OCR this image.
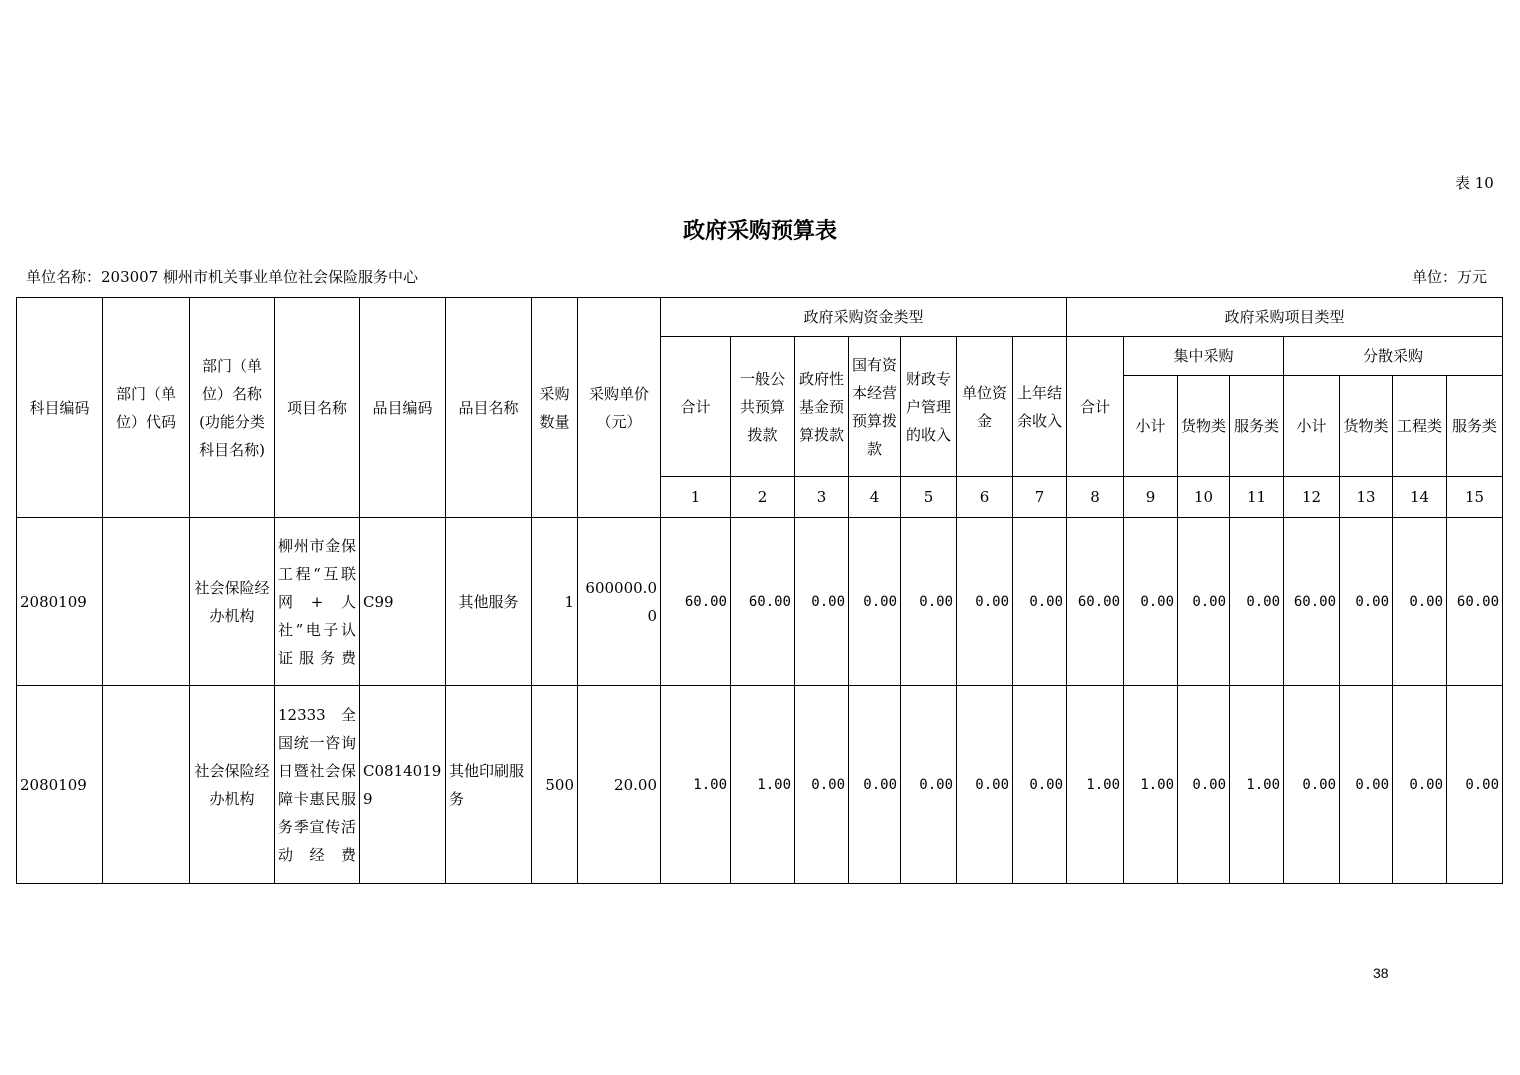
表 10
政府采购预算表
单位名称：203007 柳州市机关事业单位社会保险服务中心	单位：万元
科目编码	部门（单位）代码	部门（单位）名称(功能分类科目名称)	项目名称	品目编码	品目名称	采购数量	采购单价（元）	政府采购资金类型							政府采购项目类型							
								合计	一般公共预算拨款	政府性基金预算拨款	国有资本经营预算拨款	财政专户管理的收入	单位资金	上年结余收入	合计	集中采购			分散采购			
																小计	货物类	服务类	小计	货物类	工程类	服务类
								1	2	3	4	5	6	7	8	9	10	11	12	13	14	15
2080109		社会保险经办机构	柳州市金保工程“互联网+人社”电子认证服务费	C99	其他服务	1	600000.00	60.00	60.00	0.00	0.00	0.00	0.00	0.00	60.00	0.00	0.00	0.00	60.00	0.00	0.00	60.00
2080109		社会保险经办机构	12333 全国统一咨询日暨社会保障卡惠民服务季宣传活动经费	C08140199	其他印刷服务	500	20.00	1.00	1.00	0.00	0.00	0.00	0.00	0.00	1.00	1.00	0.00	1.00	0.00	0.00	0.00	0.00
38
